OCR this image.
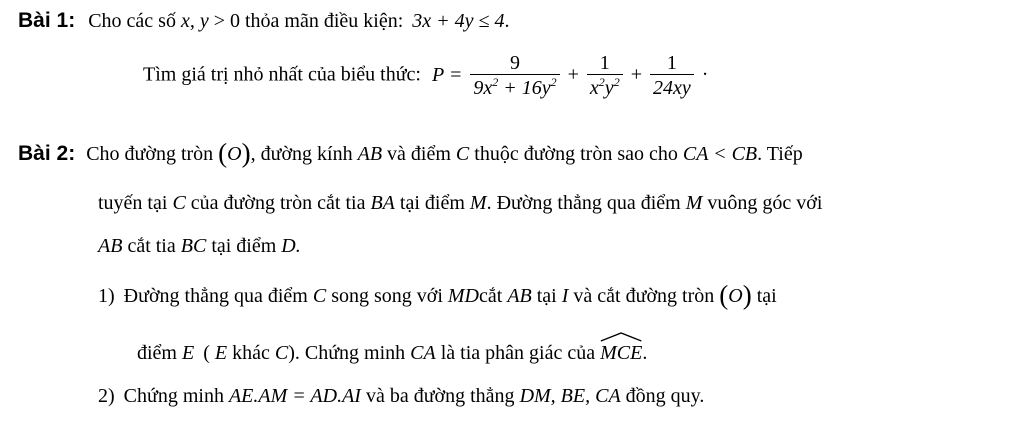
Bài 1: Cho các số x, y > 0 thỏa mãn điều kiện: 3x + 4y ≤ 4.
Tìm giá trị nhỏ nhất của biểu thức: $P = \frac{9}{9x^2 + 16y^2} + \frac{1}{x^2y^2} + \frac{1}{24xy}$ ·
Bài 2: Cho đường tròn (O), đường kính AB và điểm C thuộc đường tròn sao cho CA < CB. Tiếp
tuyến tại C của đường tròn cắt tia BA tại điểm M. Đường thẳng qua điểm M vuông góc với
AB cắt tia BC tại điểm D.
1) Đường thẳng qua điểm C song song với MDcắt AB tại I và cắt đường tròn (O) tại
điểm E ( E khác C). Chứng minh CA là tia phân giác của MCE.
2) Chứng minh AE.AM = AD.AI và ba đường thẳng DM, BE, CA đồng quy.
